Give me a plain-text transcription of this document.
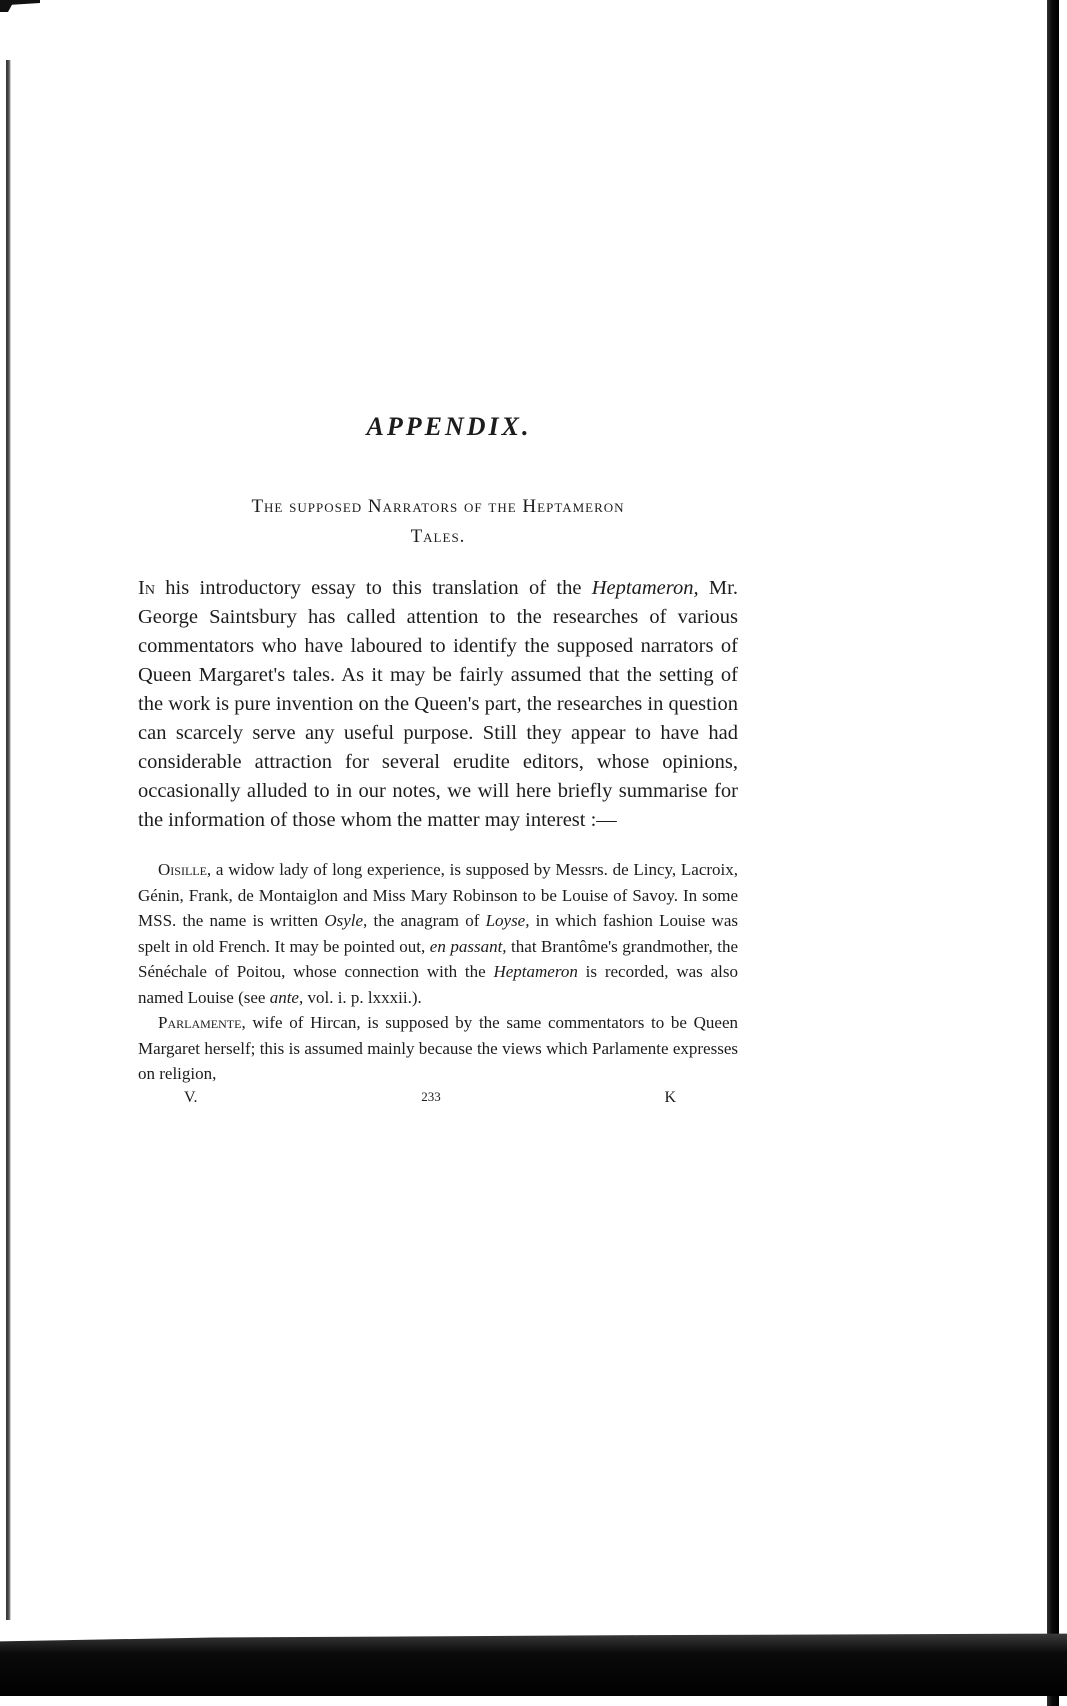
APPENDIX.
The supposed Narrators of the Heptameron
Tales.

In his introductory essay to this translation of the Heptameron, Mr. George Saintsbury has called attention to the researches of various commentators who have laboured to identify the supposed narrators of Queen Margaret's tales. As it may be fairly assumed that the setting of the work is pure invention on the Queen's part, the researches in question can scarcely serve any useful purpose. Still they appear to have had considerable attraction for several erudite editors, whose opinions, occasionally alluded to in our notes, we will here briefly summarise for the information of those whom the matter may interest :—

Oisille, a widow lady of long experience, is supposed by Messrs. de Lincy, Lacroix, Génin, Frank, de Montaiglon and Miss Mary Robinson to be Louise of Savoy. In some MSS. the name is written Osyle, the anagram of Loyse, in which fashion Louise was spelt in old French. It may be pointed out, en passant, that Brantôme's grandmother, the Sénéchale of Poitou, whose connection with the Heptameron is recorded, was also named Louise (see ante, vol. i. p. lxxxii.).

Parlamente, wife of Hircan, is supposed by the same commentators to be Queen Margaret herself; this is assumed mainly because the views which Parlamente expresses on religion,

V.	233	K
